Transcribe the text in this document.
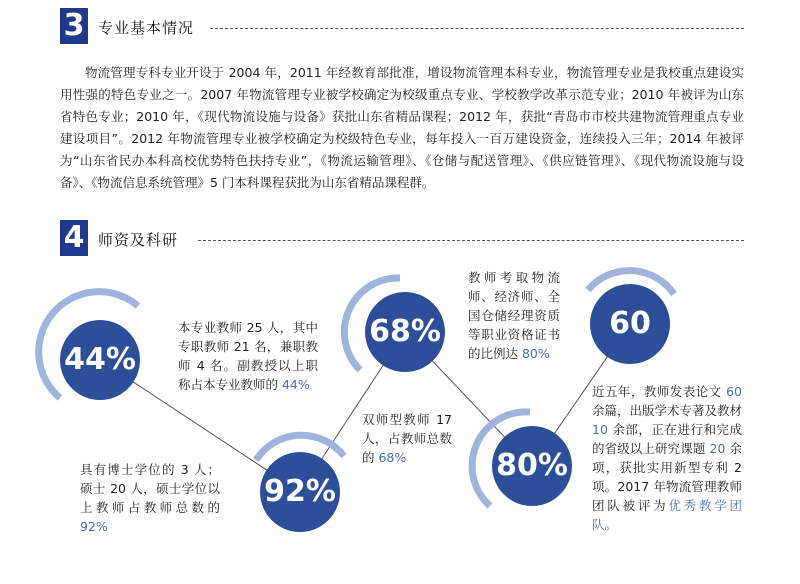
3 专业基本情况
物流管理专科专业开设于 2004 年，2011 年经教育部批准，增设物流管理本科专业，物流管理专业是我校重点建设实用性强的特色专业之一。2007 年物流管理专业被学校确定为校级重点专业、学校教学改革示范专业；2010 年被评为山东省特色专业；2010 年，《现代物流设施与设备》获批山东省精品课程；2012 年，获批“青岛市市校共建物流管理重点专业建设项目”。2012 年物流管理专业被学校确定为校级特色专业，每年投入一百万建设资金，连续投入三年；2014 年被评为“山东省民办本科高校优势特色扶持专业”，《物流运输管理》、《仓储与配送管理》、《供应链管理》、《现代物流设施与设备》、《物流信息系统管理》5 门本科课程获批为山东省精品课程群。
4 师资及科研
44%
92%
68%
80%
60
本专业教师 25 人，其中专职教师 21 名，兼职教师 4 名。副教授以上职称占本专业教师的 44%
具有博士学位的 3 人；硕士 20 人，硕士学位以上教师占教师总数的 92%
双师型教师 17 人，占教师总数的 68%
教师考取物流师、经济师、全国仓储经理资质等职业资格证书的比例达 80%
近五年，教师发表论文 60 余篇，出版学术专著及教材 10 余部，正在进行和完成的省级以上研究课题 20 余项，获批实用新型专利 2 项。2017 年物流管理教师团队被评为优秀教学团队。
